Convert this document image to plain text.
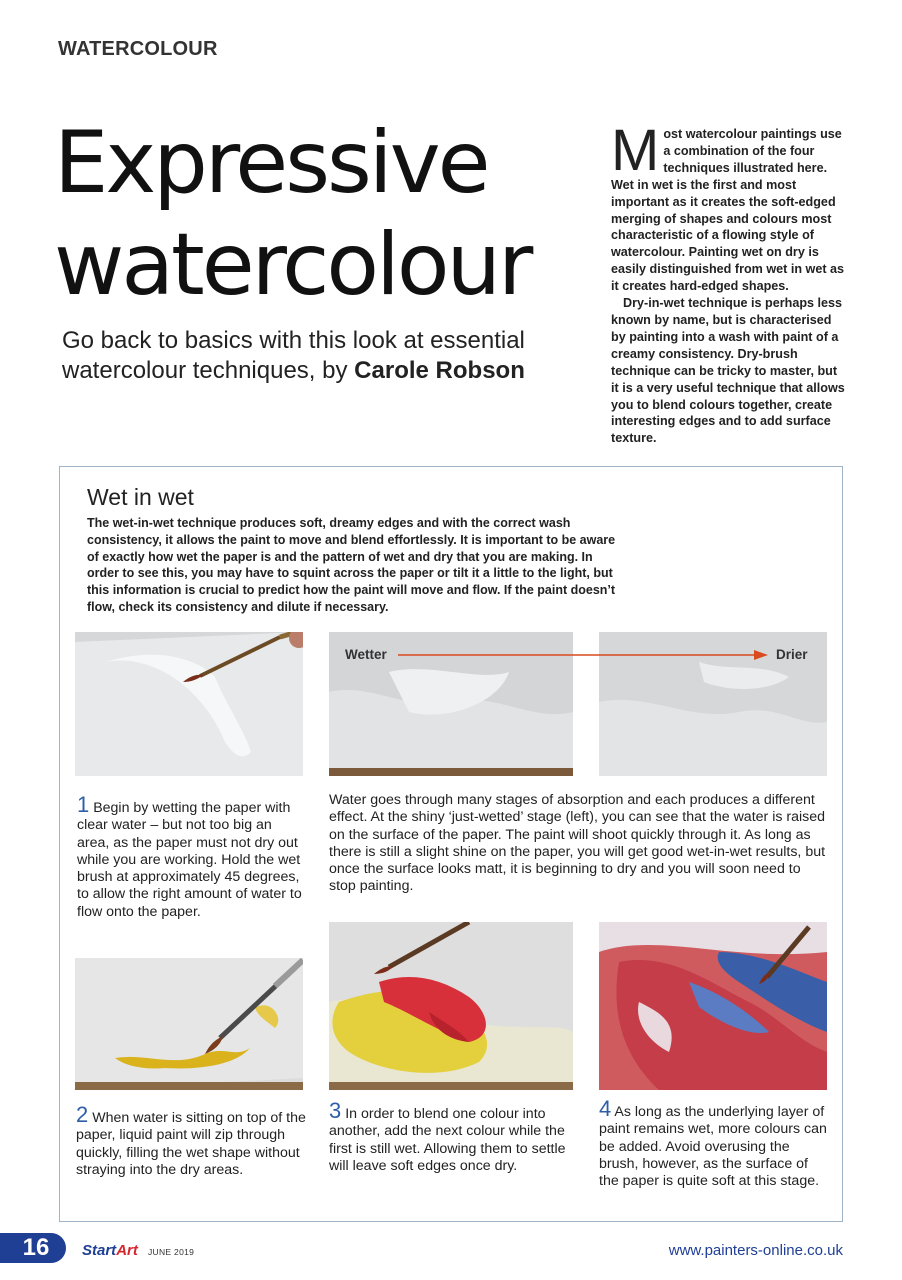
WATERCOLOUR
Expressive
watercolour
Go back to basics with this look at essential watercolour techniques, by Carole Robson

Most watercolour paintings use a combination of the four techniques illustrated here. Wet in wet is the first and most important as it creates the soft-edged merging of shapes and colours most characteristic of a flowing style of watercolour. Painting wet on dry is easily distinguished from wet in wet as it creates hard-edged shapes.

Dry-in-wet technique is perhaps less known by name, but is characterised by painting into a wash with paint of a creamy consistency. Dry-brush technique can be tricky to master, but it is a very useful technique that allows you to blend colours together, create interesting edges and to add surface texture.

Wet in wet
The wet-in-wet technique produces soft, dreamy edges and with the correct wash consistency, it allows the paint to move and blend effortlessly. It is important to be aware of exactly how wet the paper is and the pattern of wet and dry that you are making. In order to see this, you may have to squint across the paper or tilt it a little to the light, but this information is crucial to predict how the paint will move and flow. If the paint doesn’t flow, check its consistency and dilute if necessary.
Wetter	Drier
1 Begin by wetting the paper with clear water – but not too big an area, as the paper must not dry out while you are working. Hold the wet brush at approximately 45 degrees, to allow the right amount of water to flow onto the paper.
Water goes through many stages of absorption and each produces a different effect. At the shiny ‘just-wetted’ stage (left), you can see that the water is raised on the surface of the paper. The paint will shoot quickly through it. As long as there is still a slight shine on the paper, you will get good wet-in-wet results, but once the surface looks matt, it is beginning to dry and you will soon need to stop painting.
2 When water is sitting on top of the paper, liquid paint will zip through quickly, filling the wet shape without straying into the dry areas.
3 In order to blend one colour into another, add the next colour while the first is still wet. Allowing them to settle will leave soft edges once dry.
4 As long as the underlying layer of paint remains wet, more colours can be added. Avoid overusing the brush, however, as the surface of the paper is quite soft at this stage.
16	StartArt JUNE 2019	www.painters-online.co.uk
